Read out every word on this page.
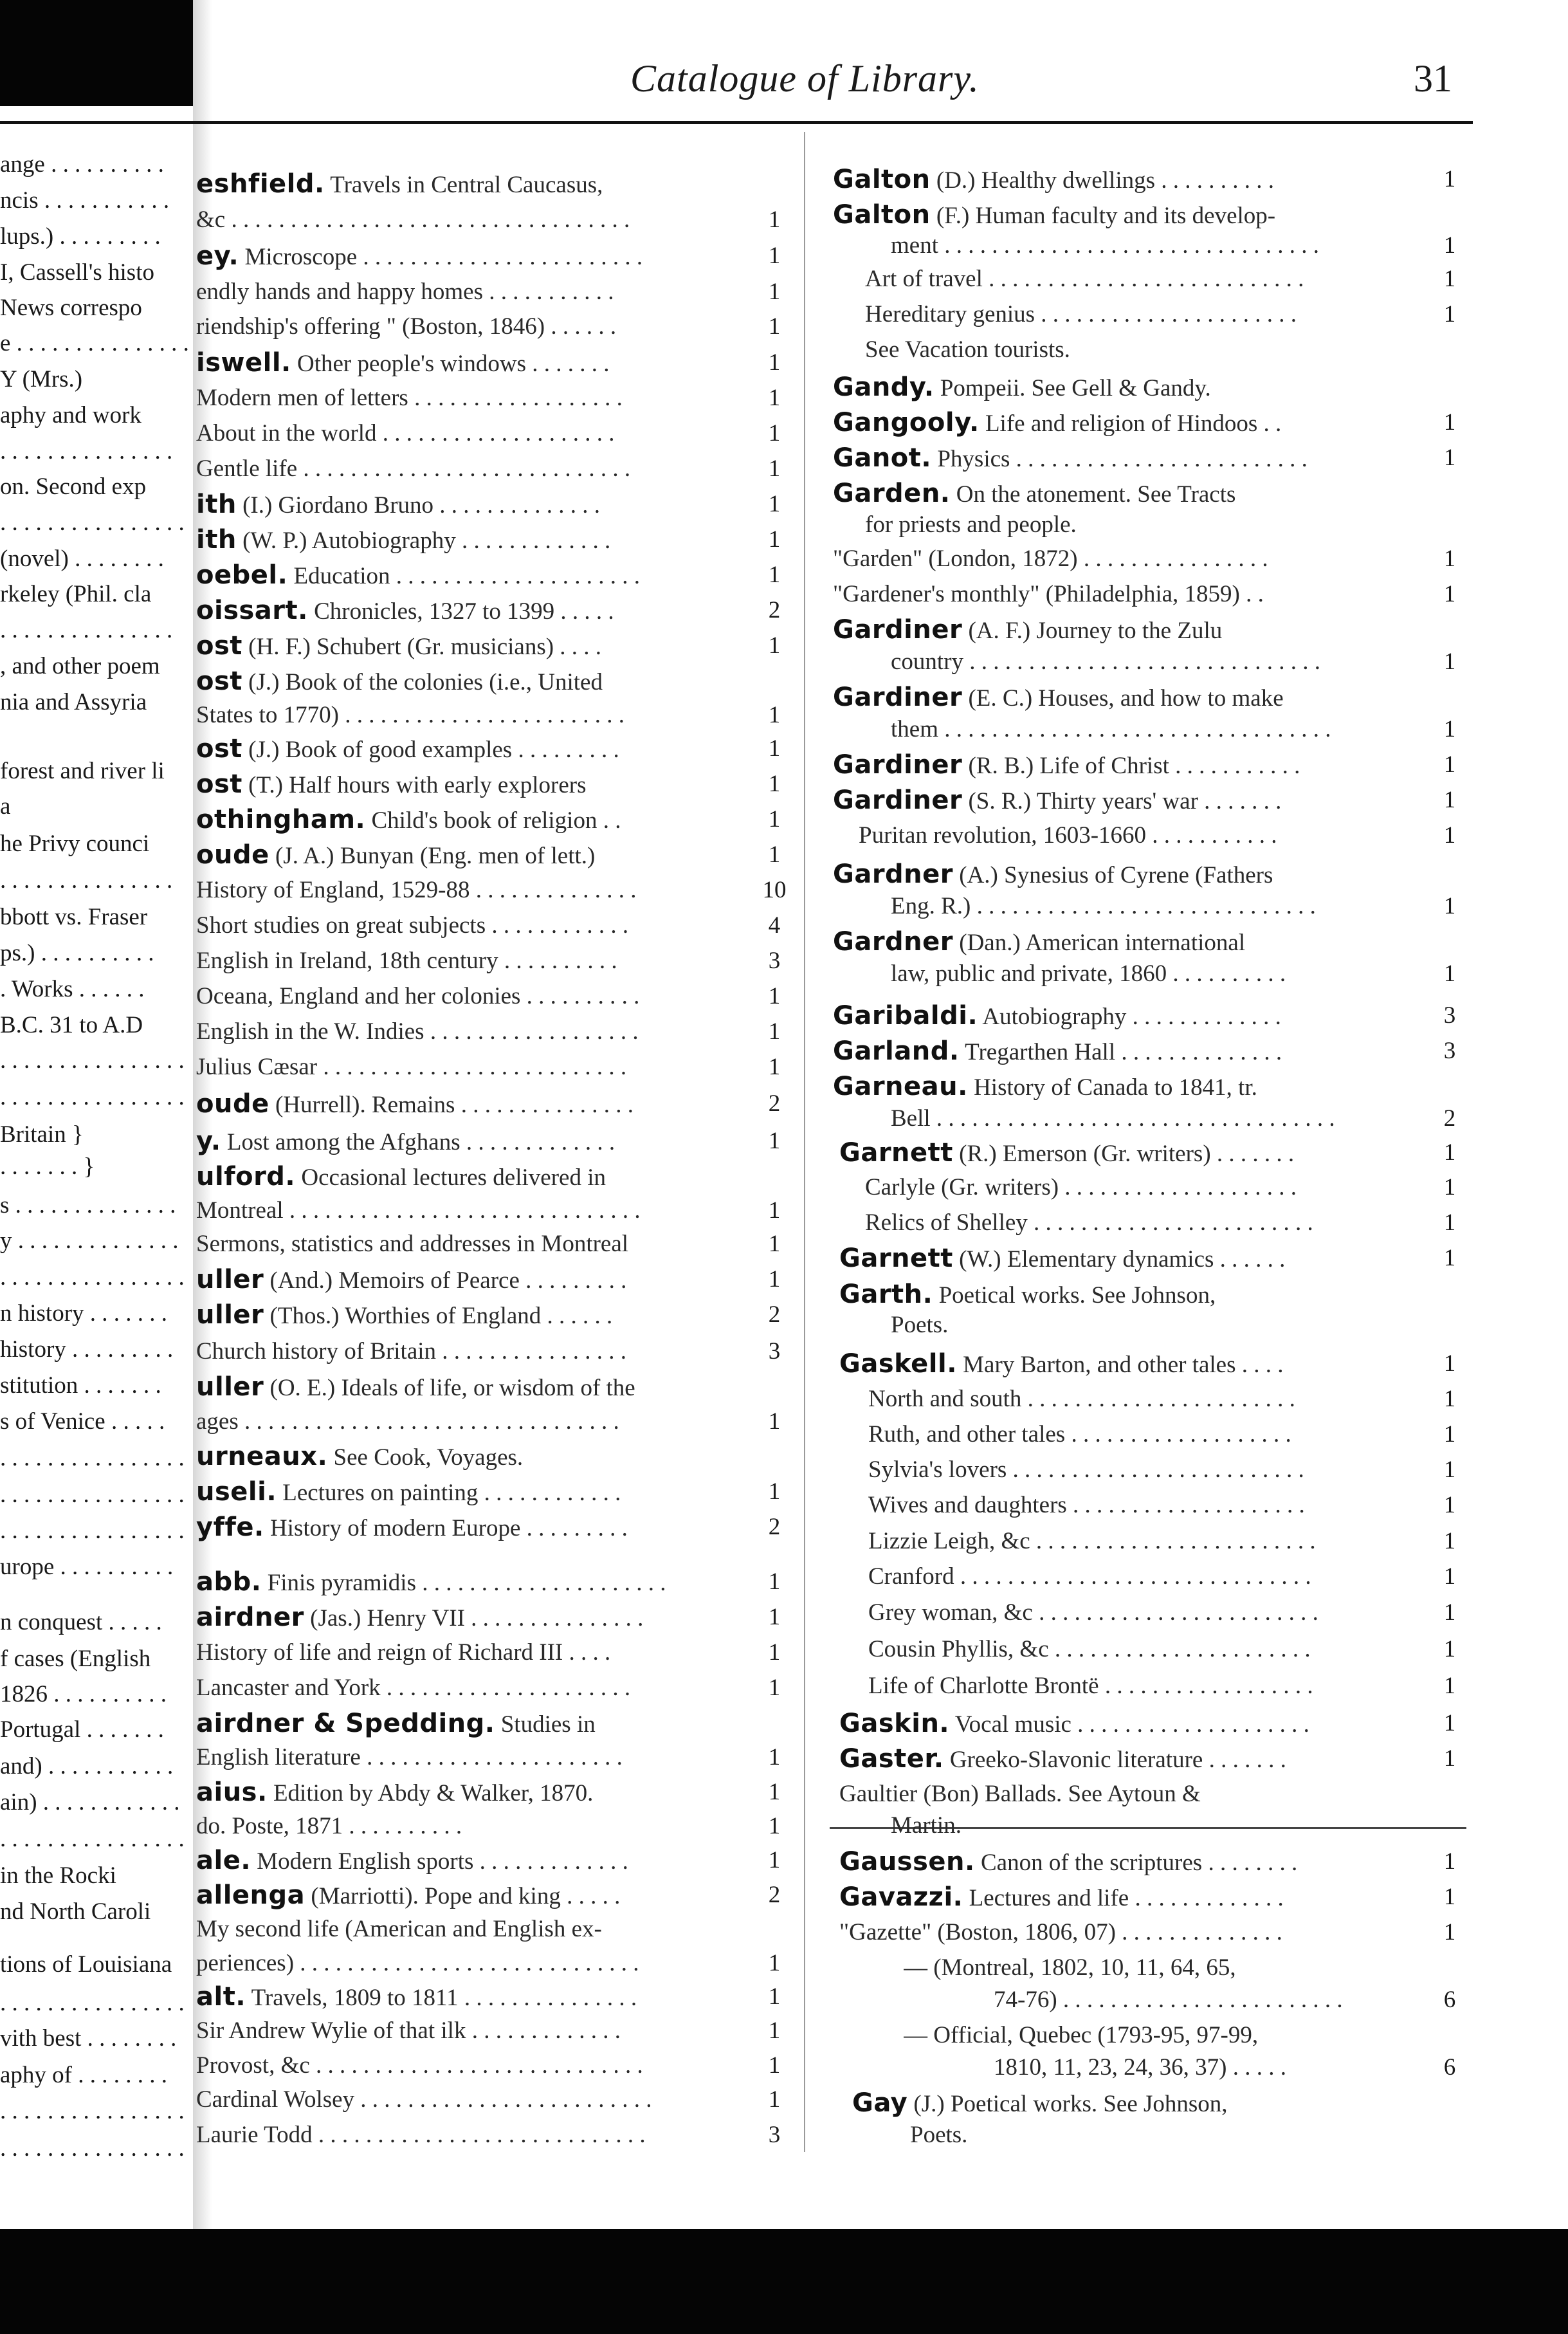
Catalogue of Library.	31
ange . . . . . . . . . .
ncis . . . . . . . . . . .
lups.) . . . . . . . . .
I, Cassell's histo
News correspo
e . . . . . . . . . . . . . . .
Y (Mrs.)
aphy and work
. . . . . . . . . . . . . . .
on. Second exp
. . . . . . . . . . . . . . . .
(novel) . . . . . . . .
rkeley (Phil. cla
. . . . . . . . . . . . . . .
, and other poem
nia and Assyria
forest and river li
a
he Privy counci
. . . . . . . . . . . . . . .
bbott vs. Fraser
ps.) . . . . . . . . . .
. Works . . . . . .
B.C. 31 to A.D
. . . . . . . . . . . . . . . .
. . . . . . . . . . . . . . . .
Britain }
. . . . . . . }
s . . . . . . . . . . . . . .
y . . . . . . . . . . . . . .
. . . . . . . . . . . . . . . .
n history . . . . . . .
history . . . . . . . . .
stitution . . . . . . .
s of Venice . . . . .
. . . . . . . . . . . . . . . .
. . . . . . . . . . . . . . . .
. . . . . . . . . . . . . . . .
urope . . . . . . . . . .
n conquest . . . . .
f cases (English
1826 . . . . . . . . . .
Portugal . . . . . . .
and) . . . . . . . . . . .
ain) . . . . . . . . . . . .
. . . . . . . . . . . . . . . .
in the Rocki
nd North Caroli
tions of Louisiana
. . . . . . . . . . . . . . . .
vith best . . . . . . . .
aphy of . . . . . . . .
. . . . . . . . . . . . . . . .
. . . . . . . . . . . . . . . .
eshfield. Travels in Central Caucasus,
&c . . . . . . . . . . . . . . . . . . . . . . . . . . . . . . . . . .	1
ey. Microscope . . . . . . . . . . . . . . . . . . . . . . . .	1
endly hands and happy homes . . . . . . . . . . .	1
riendship's offering " (Boston, 1846) . . . . . .	1
iswell. Other people's windows . . . . . . .	1
Modern men of letters . . . . . . . . . . . . . . . . . .	1
About in the world . . . . . . . . . . . . . . . . . . . .	1
Gentle life . . . . . . . . . . . . . . . . . . . . . . . . . . . .	1
ith (I.) Giordano Bruno . . . . . . . . . . . . . .	1
ith (W. P.) Autobiography . . . . . . . . . . . . .	1
oebel. Education . . . . . . . . . . . . . . . . . . . . .	1
oissart. Chronicles, 1327 to 1399 . . . . .	2
ost (H. F.) Schubert (Gr. musicians) . . . .	1
ost (J.) Book of the colonies (i.e., United
States to 1770) . . . . . . . . . . . . . . . . . . . . . . . .	1
ost (J.) Book of good examples . . . . . . . . .	1
ost (T.) Half hours with early explorers	1
othingham. Child's book of religion . .	1
oude (J. A.) Bunyan (Eng. men of lett.)	1
History of England, 1529-88 . . . . . . . . . . . . . .	10
Short studies on great subjects . . . . . . . . . . . .	4
English in Ireland, 18th century . . . . . . . . . .	3
Oceana, England and her colonies . . . . . . . . . .	1
English in the W. Indies . . . . . . . . . . . . . . . . . .	1
Julius Cæsar . . . . . . . . . . . . . . . . . . . . . . . . . .	1
oude (Hurrell). Remains . . . . . . . . . . . . . . .	2
y. Lost among the Afghans . . . . . . . . . . . . .	1
ulford. Occasional lectures delivered in
Montreal . . . . . . . . . . . . . . . . . . . . . . . . . . . . . .	1
Sermons, statistics and addresses in Montreal	1
uller (And.) Memoirs of Pearce . . . . . . . . .	1
uller (Thos.) Worthies of England . . . . . .	2
Church history of Britain . . . . . . . . . . . . . . . .	3
uller (O. E.) Ideals of life, or wisdom of the
ages . . . . . . . . . . . . . . . . . . . . . . . . . . . . . . . .	1
urneaux. See Cook, Voyages.
useli. Lectures on painting . . . . . . . . . . . .	1
yffe. History of modern Europe . . . . . . . . .	2
abb. Finis pyramidis . . . . . . . . . . . . . . . . . . . . .	1
airdner (Jas.) Henry VII . . . . . . . . . . . . . . .	1
History of life and reign of Richard III . . . .	1
Lancaster and York . . . . . . . . . . . . . . . . . . . . .	1
airdner & Spedding. Studies in
English literature . . . . . . . . . . . . . . . . . . . . . .	1
aius. Edition by Abdy & Walker, 1870.	1
do. Poste, 1871 . . . . . . . . . .	1
ale. Modern English sports . . . . . . . . . . . . .	1
allenga (Marriotti). Pope and king . . . . .	2
My second life (American and English ex-
periences) . . . . . . . . . . . . . . . . . . . . . . . . . . . . .	1
alt. Travels, 1809 to 1811 . . . . . . . . . . . . . . .	1
Sir Andrew Wylie of that ilk . . . . . . . . . . . . .	1
Provost, &c . . . . . . . . . . . . . . . . . . . . . . . . . . . .	1
Cardinal Wolsey . . . . . . . . . . . . . . . . . . . . . . . . .	1
Laurie Todd . . . . . . . . . . . . . . . . . . . . . . . . . . . .	3
Galton (D.) Healthy dwellings . . . . . . . . . .	1
Galton (F.) Human faculty and its develop-
ment . . . . . . . . . . . . . . . . . . . . . . . . . . . . . . . .	1
Art of travel . . . . . . . . . . . . . . . . . . . . . . . . . . .	1
Hereditary genius . . . . . . . . . . . . . . . . . . . . . .	1
See Vacation tourists.
Gandy. Pompeii. See Gell & Gandy.
Gangooly. Life and religion of Hindoos . .	1
Ganot. Physics . . . . . . . . . . . . . . . . . . . . . . . . .	1
Garden. On the atonement. See Tracts
for priests and people.
"Garden" (London, 1872) . . . . . . . . . . . . . . . .	1
"Gardener's monthly" (Philadelphia, 1859) . .	1
Gardiner (A. F.) Journey to the Zulu
country . . . . . . . . . . . . . . . . . . . . . . . . . . . . . .	1
Gardiner (E. C.) Houses, and how to make
them . . . . . . . . . . . . . . . . . . . . . . . . . . . . . . . . .	1
Gardiner (R. B.) Life of Christ . . . . . . . . . . .	1
Gardiner (S. R.) Thirty years' war . . . . . . .	1
Puritan revolution, 1603-1660 . . . . . . . . . . .	1
Gardner (A.) Synesius of Cyrene (Fathers
Eng. R.) . . . . . . . . . . . . . . . . . . . . . . . . . . . . .	1
Gardner (Dan.) American international
law, public and private, 1860 . . . . . . . . . .	1
Garibaldi. Autobiography . . . . . . . . . . . . .	3
Garland. Tregarthen Hall . . . . . . . . . . . . . .	3
Garneau. History of Canada to 1841, tr.
Bell . . . . . . . . . . . . . . . . . . . . . . . . . . . . . . . . . .	2
Garnett (R.) Emerson (Gr. writers) . . . . . . .	1
Carlyle (Gr. writers) . . . . . . . . . . . . . . . . . . . .	1
Relics of Shelley . . . . . . . . . . . . . . . . . . . . . . . .	1
Garnett (W.) Elementary dynamics . . . . . .	1
Garth. Poetical works. See Johnson,
Poets.
Gaskell. Mary Barton, and other tales . . . .	1
North and south . . . . . . . . . . . . . . . . . . . . . . .	1
Ruth, and other tales . . . . . . . . . . . . . . . . . . .	1
Sylvia's lovers . . . . . . . . . . . . . . . . . . . . . . . . .	1
Wives and daughters . . . . . . . . . . . . . . . . . . . .	1
Lizzie Leigh, &c . . . . . . . . . . . . . . . . . . . . . . . .	1
Cranford . . . . . . . . . . . . . . . . . . . . . . . . . . . . . .	1
Grey woman, &c . . . . . . . . . . . . . . . . . . . . . . . .	1
Cousin Phyllis, &c . . . . . . . . . . . . . . . . . . . . . .	1
Life of Charlotte Brontë . . . . . . . . . . . . . . . . . .	1
Gaskin. Vocal music . . . . . . . . . . . . . . . . . . . .	1
Gaster. Greeko-Slavonic literature . . . . . . .	1
Gaultier (Bon) Ballads. See Aytoun &
Martin.
Gaussen. Canon of the scriptures . . . . . . . .	1
Gavazzi. Lectures and life . . . . . . . . . . . . .	1
"Gazette" (Boston, 1806, 07) . . . . . . . . . . . . . .	1
— (Montreal, 1802, 10, 11, 64, 65,
74-76) . . . . . . . . . . . . . . . . . . . . . . . .	6
— Official, Quebec (1793-95, 97-99,
1810, 11, 23, 24, 36, 37) . . . . .	6
Gay (J.) Poetical works. See Johnson,
Poets.
